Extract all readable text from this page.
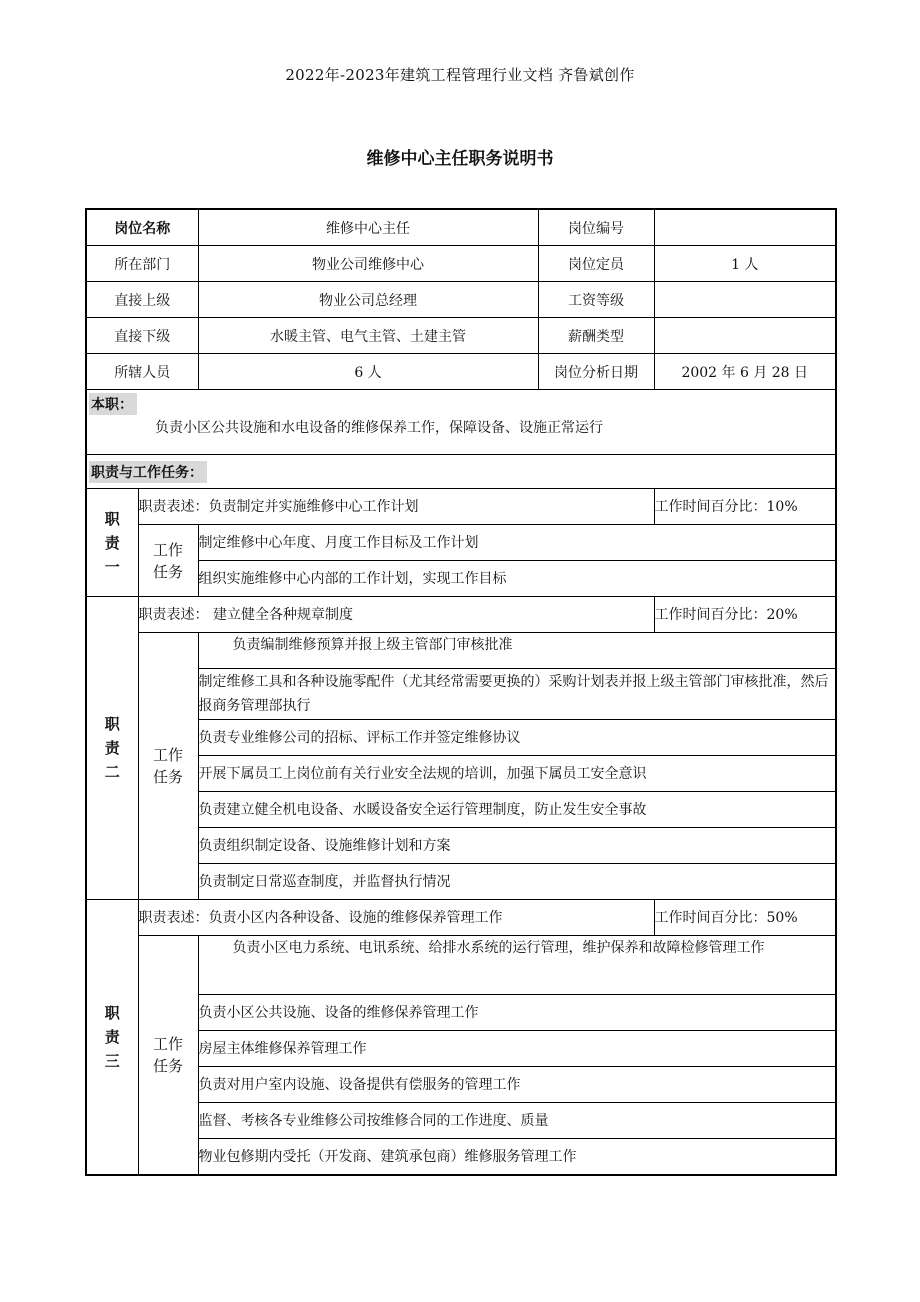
2022年-2023年建筑工程管理行业文档 齐鲁斌创作
维修中心主任职务说明书
岗位名称		维修中心主任	岗位编号	
所在部门		物业公司维修中心	岗位定员	1 人
直接上级		物业公司总经理	工资等级	
直接下级		水暖主管、电气主管、土建主管	薪酬类型	
所辖人员		6 人	岗位分析日期	2002 年 6 月 28 日
本职：
负责小区公共设施和水电设备的维修保养工作，保障设备、设施正常运行				

职责与工作任务：				
职
责
一	职责表述：负责制定并实施维修中心工作计划			工作时间百分比：10%
	工作
任务	制定维修中心年度、月度工作目标及工作计划		
		组织实施维修中心内部的工作计划，实现工作目标		
职
责
二	职责表述： 建立健全各种规章制度			工作时间百分比：20%
	工作
任务	负责编制维修预算并报上级主管部门审核批准		
		制定维修工具和各种设施零配件（尤其经常需要更换的）采购计划表并报上级主管部门审核批准，然后报商务管理部执行		
		负责专业维修公司的招标、评标工作并签定维修协议		
		开展下属员工上岗位前有关行业安全法规的培训，加强下属员工安全意识		
		负责建立健全机电设备、水暖设备安全运行管理制度，防止发生安全事故		
		负责组织制定设备、设施维修计划和方案		
		负责制定日常巡查制度，并监督执行情况		
职
责
三	职责表述：负责小区内各种设备、设施的维修保养管理工作			工作时间百分比：50%
	工作
任务	负责小区电力系统、电讯系统、给排水系统的运行管理，维护保养和故障检修管理工作		
		负责小区公共设施、设备的维修保养管理工作		
		房屋主体维修保养管理工作		
		负责对用户室内设施、设备提供有偿服务的管理工作		
		监督、考核各专业维修公司按维修合同的工作进度、质量		
		物业包修期内受托（开发商、建筑承包商）维修服务管理工作		
